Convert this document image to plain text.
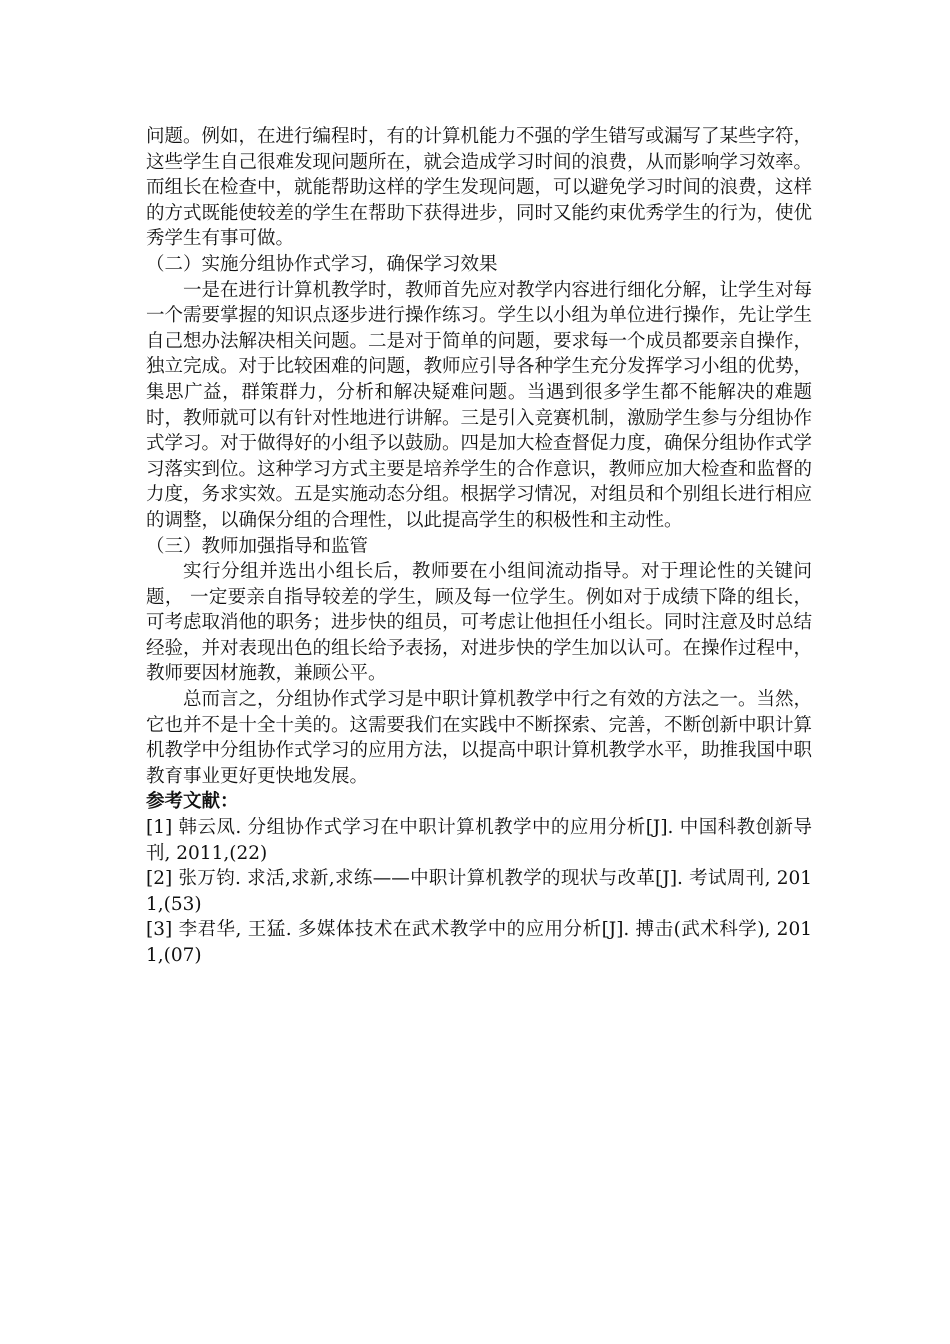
问题。例如，在进行编程时，有的计算机能力不强的学生错写或漏写了某些字符，这些学生自己很难发现问题所在，就会造成学习时间的浪费，从而影响学习效率。而组长在检查中，就能帮助这样的学生发现问题，可以避免学习时间的浪费，这样的方式既能使较差的学生在帮助下获得进步，同时又能约束优秀学生的行为，使优秀学生有事可做。

（二）实施分组协作式学习，确保学习效果

一是在进行计算机教学时，教师首先应对教学内容进行细化分解，让学生对每一个需要掌握的知识点逐步进行操作练习。学生以小组为单位进行操作，先让学生自己想办法解决相关问题。二是对于简单的问题，要求每一个成员都要亲自操作，独立完成。对于比较困难的问题，教师应引导各种学生充分发挥学习小组的优势，集思广益，群策群力，分析和解决疑难问题。当遇到很多学生都不能解决的难题时，教师就可以有针对性地进行讲解。三是引入竞赛机制，激励学生参与分组协作式学习。对于做得好的小组予以鼓励。四是加大检查督促力度，确保分组协作式学习落实到位。这种学习方式主要是培养学生的合作意识，教师应加大检查和监督的力度，务求实效。五是实施动态分组。根据学习情况，对组员和个别组长进行相应的调整，以确保分组的合理性，以此提高学生的积极性和主动性。

（三）教师加强指导和监管

实行分组并选出小组长后，教师要在小组间流动指导。对于理论性的关键问题， 一定要亲自指导较差的学生，顾及每一位学生。例如对于成绩下降的组长，可考虑取消他的职务；进步快的组员，可考虑让他担任小组长。同时注意及时总结经验，并对表现出色的组长给予表扬，对进步快的学生加以认可。在操作过程中，教师要因材施教，兼顾公平。

总而言之，分组协作式学习是中职计算机教学中行之有效的方法之一。当然，它也并不是十全十美的。这需要我们在实践中不断探索、完善，不断创新中职计算机教学中分组协作式学习的应用方法，以提高中职计算机教学水平，助推我国中职教育事业更好更快地发展。

参考文献：

[1] 韩云凤. 分组协作式学习在中职计算机教学中的应用分析[J]. 中国科教创新导刊, 2011,(22)

[2] 张万钧. 求活,求新,求练——中职计算机教学的现状与改革[J]. 考试周刊, 2011,(53)

[3] 李君华, 王猛. 多媒体技术在武术教学中的应用分析[J]. 搏击(武术科学), 2011,(07)
